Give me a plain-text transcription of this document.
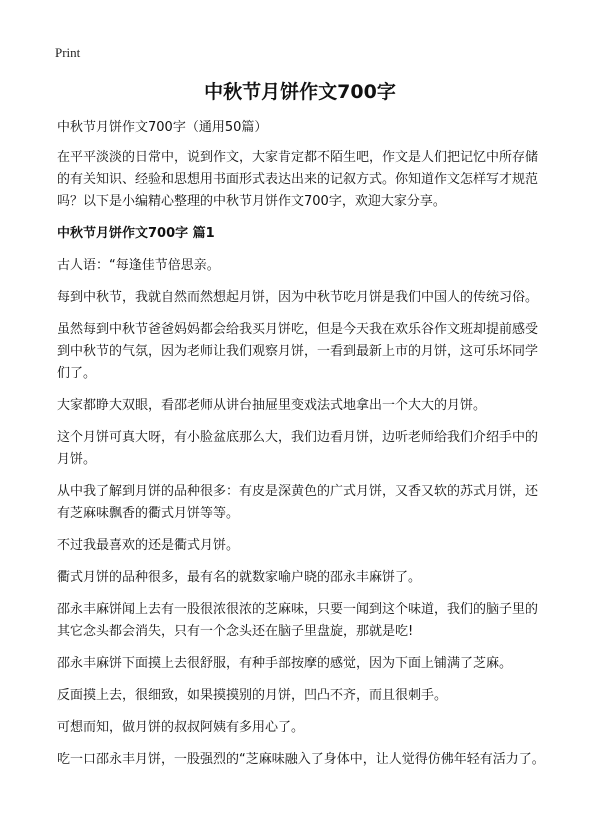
Print
中秋节月饼作文700字

中秋节月饼作文700字（通用50篇）

在平平淡淡的日常中，说到作文，大家肯定都不陌生吧，作文是人们把记忆中所存储的有关知识、经验和思想用书面形式表达出来的记叙方式。你知道作文怎样写才规范吗？以下是小编精心整理的中秋节月饼作文700字，欢迎大家分享。

中秋节月饼作文700字 篇1

古人语：“每逢佳节倍思亲。

每到中秋节，我就自然而然想起月饼，因为中秋节吃月饼是我们中国人的传统习俗。

虽然每到中秋节爸爸妈妈都会给我买月饼吃，但是今天我在欢乐谷作文班却提前感受到中秋节的气氛，因为老师让我们观察月饼，一看到最新上市的月饼，这可乐坏同学们了。

大家都睁大双眼，看邵老师从讲台抽屉里变戏法式地拿出一个大大的月饼。

这个月饼可真大呀，有小脸盆底那么大，我们边看月饼，边听老师给我们介绍手中的月饼。

从中我了解到月饼的品种很多：有皮是深黄色的广式月饼，又香又软的苏式月饼，还有芝麻味飘香的衢式月饼等等。

不过我最喜欢的还是衢式月饼。

衢式月饼的品种很多，最有名的就数家喻户晓的邵永丰麻饼了。

邵永丰麻饼闻上去有一股很浓很浓的芝麻味，只要一闻到这个味道，我们的脑子里的其它念头都会消失，只有一个念头还在脑子里盘旋，那就是吃!

邵永丰麻饼下面摸上去很舒服，有种手部按摩的感觉，因为下面上铺满了芝麻。

反面摸上去，很细致，如果摸摸别的月饼，凹凸不齐，而且很刺手。

可想而知，做月饼的叔叔阿姨有多用心了。

吃一口邵永丰月饼，一股强烈的“芝麻味融入了身体中，让人觉得仿佛年轻有活力了。
